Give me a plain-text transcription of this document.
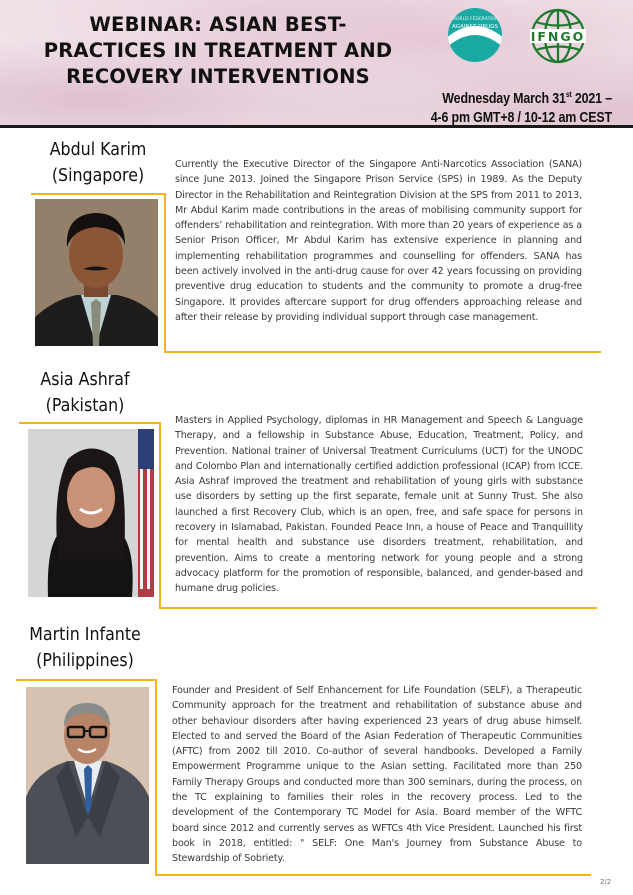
WEBINAR: ASIAN BEST-
PRACTICES IN TREATMENT AND
RECOVERY INTERVENTIONS
WORLD FEDERATION
AGAINST DRUGS
IFNGO
Wednesday March 31st 2021 –
4-6 pm GMT+8 / 10-12 am CEST
Abdul Karim
(Singapore)
Currently the Executive Director of the Singapore Anti-Narcotics Association (SANA) since June 2013. Joined the Singapore Prison Service (SPS) in 1989. As the Deputy Director in the Rehabilitation and Reintegration Division at the SPS from 2011 to 2013, Mr Abdul Karim made contributions in the areas of mobilising community support for offenders’ rehabilitation and reintegration. With more than 20 years of experience as a Senior Prison Officer, Mr Abdul Karim has extensive experience in planning and implementing rehabilitation programmes and counselling for offenders. SANA has been actively involved in the anti-drug cause for over 42 years focussing on providing preventive drug education to students and the community to promote a drug-free Singapore. It provides aftercare support for drug offenders approaching release and after their release by providing individual support through case management.
Asia Ashraf
(Pakistan)
Masters in Applied Psychology, diplomas in HR Management and Speech & Language Therapy, and a fellowship in Substance Abuse, Education, Treatment, Policy, and Prevention. National trainer of Universal Treatment Curriculums (UCT) for the UNODC and Colombo Plan and internationally certified addiction professional (ICAP) from ICCE. Asia Ashraf improved the treatment and rehabilitation of young girls with substance use disorders by setting up the first separate, female unit at Sunny Trust. She also launched a first Recovery Club, which is an open, free, and safe space for persons in recovery in Islamabad, Pakistan. Founded Peace Inn, a house of Peace and Tranquillity for mental health and substance use disorders treatment, rehabilitation, and prevention. Aims to create a mentoring network for young people and a strong advocacy platform for the promotion of responsible, balanced, and gender-based and humane drug policies.
Martin Infante
(Philippines)
Founder and President of Self Enhancement for Life Foundation (SELF), a Therapeutic Community approach for the treatment and rehabilitation of substance abuse and other behaviour disorders after having experienced 23 years of drug abuse himself. Elected to and served the Board of the Asian Federation of Therapeutic Communities (AFTC) from 2002 till 2010. Co-author of several handbooks. Developed a Family Empowerment Programme unique to the Asian setting. Facilitated more than 250 Family Therapy Groups and conducted more than 300 seminars, during the process, on the TC explaining to families their roles in the recovery process. Led to the development of the Contemporary TC Model for Asia. Board member of the WFTC board since 2012 and currently serves as WFTCs 4th Vice President. Launched his first book in 2018, entitled: " SELF: One Man's Journey from Substance Abuse to Stewardship of Sobriety.
2/2
